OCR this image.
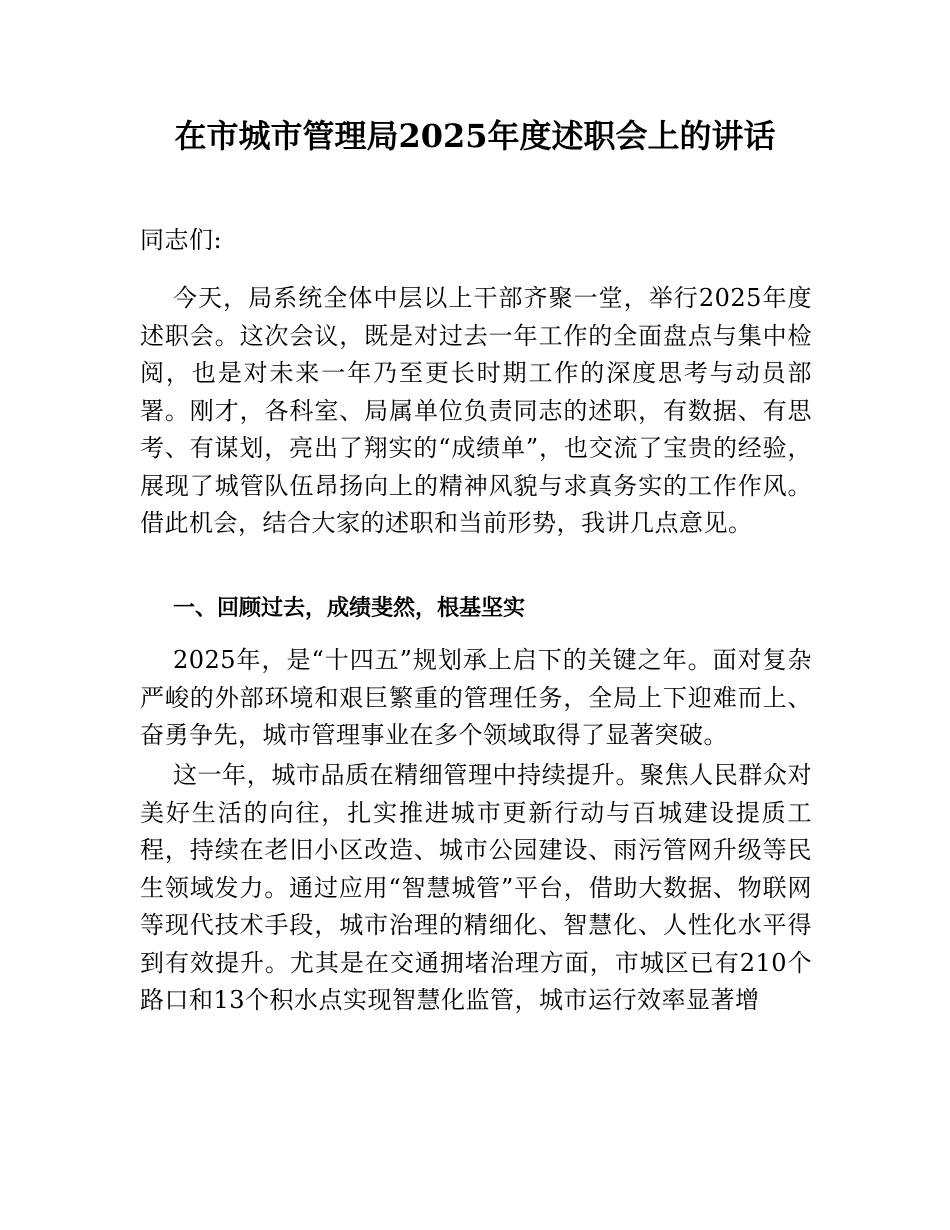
在市城市管理局2025年度述职会上的讲话
同志们:
今天，局系统全体中层以上干部齐聚一堂，举行2025年度述职会。这次会议，既是对过去一年工作的全面盘点与集中检阅，也是对未来一年乃至更长时期工作的深度思考与动员部署。刚才，各科室、局属单位负责同志的述职，有数据、有思考、有谋划，亮出了翔实的“成绩单”，也交流了宝贵的经验，展现了城管队伍昂扬向上的精神风貌与求真务实的工作作风。借此机会，结合大家的述职和当前形势，我讲几点意见。
一、回顾过去，成绩斐然，根基坚实
2025年，是“十四五”规划承上启下的关键之年。面对复杂严峻的外部环境和艰巨繁重的管理任务，全局上下迎难而上、奋勇争先，城市管理事业在多个领域取得了显著突破。
这一年，城市品质在精细管理中持续提升。聚焦人民群众对美好生活的向往，扎实推进城市更新行动与百城建设提质工程，持续在老旧小区改造、城市公园建设、雨污管网升级等民生领域发力。通过应用“智慧城管”平台，借助大数据、物联网等现代技术手段，城市治理的精细化、智慧化、人性化水平得到有效提升。尤其是在交通拥堵治理方面，市城区已有210个路口和13个积水点实现智慧化监管，城市运行效率显著增
